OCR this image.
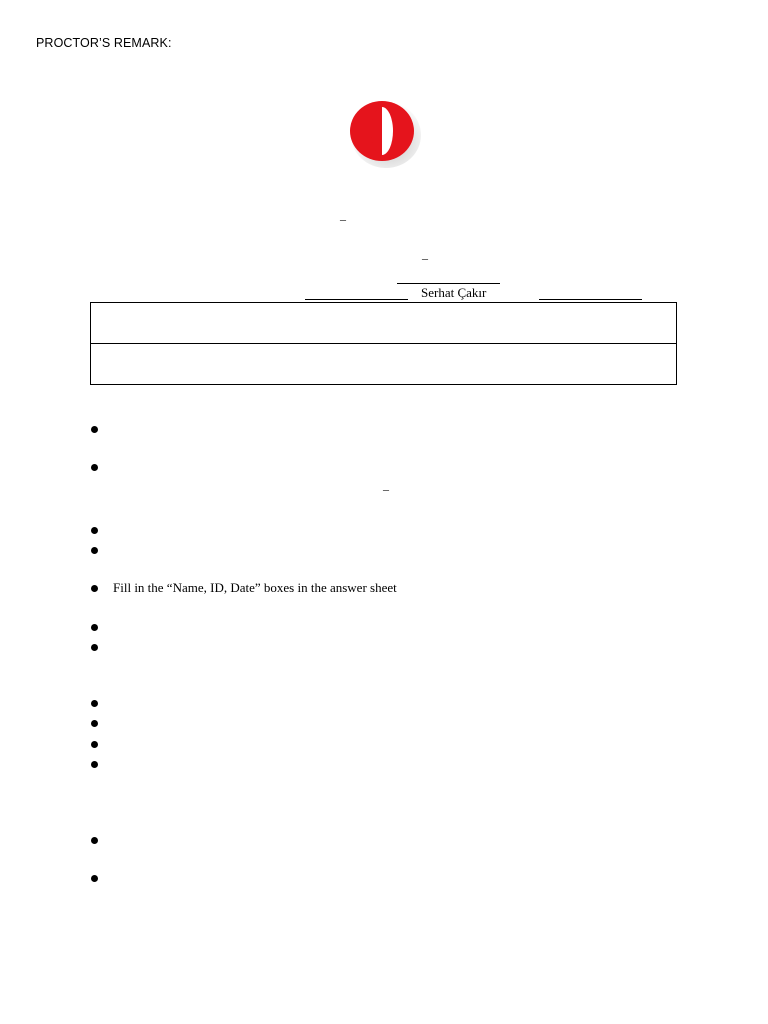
PROCTOR’S REMARK:
–
–
Serhat Çakır
–
Fill in the “Name, ID, Date” boxes in the answer sheet
